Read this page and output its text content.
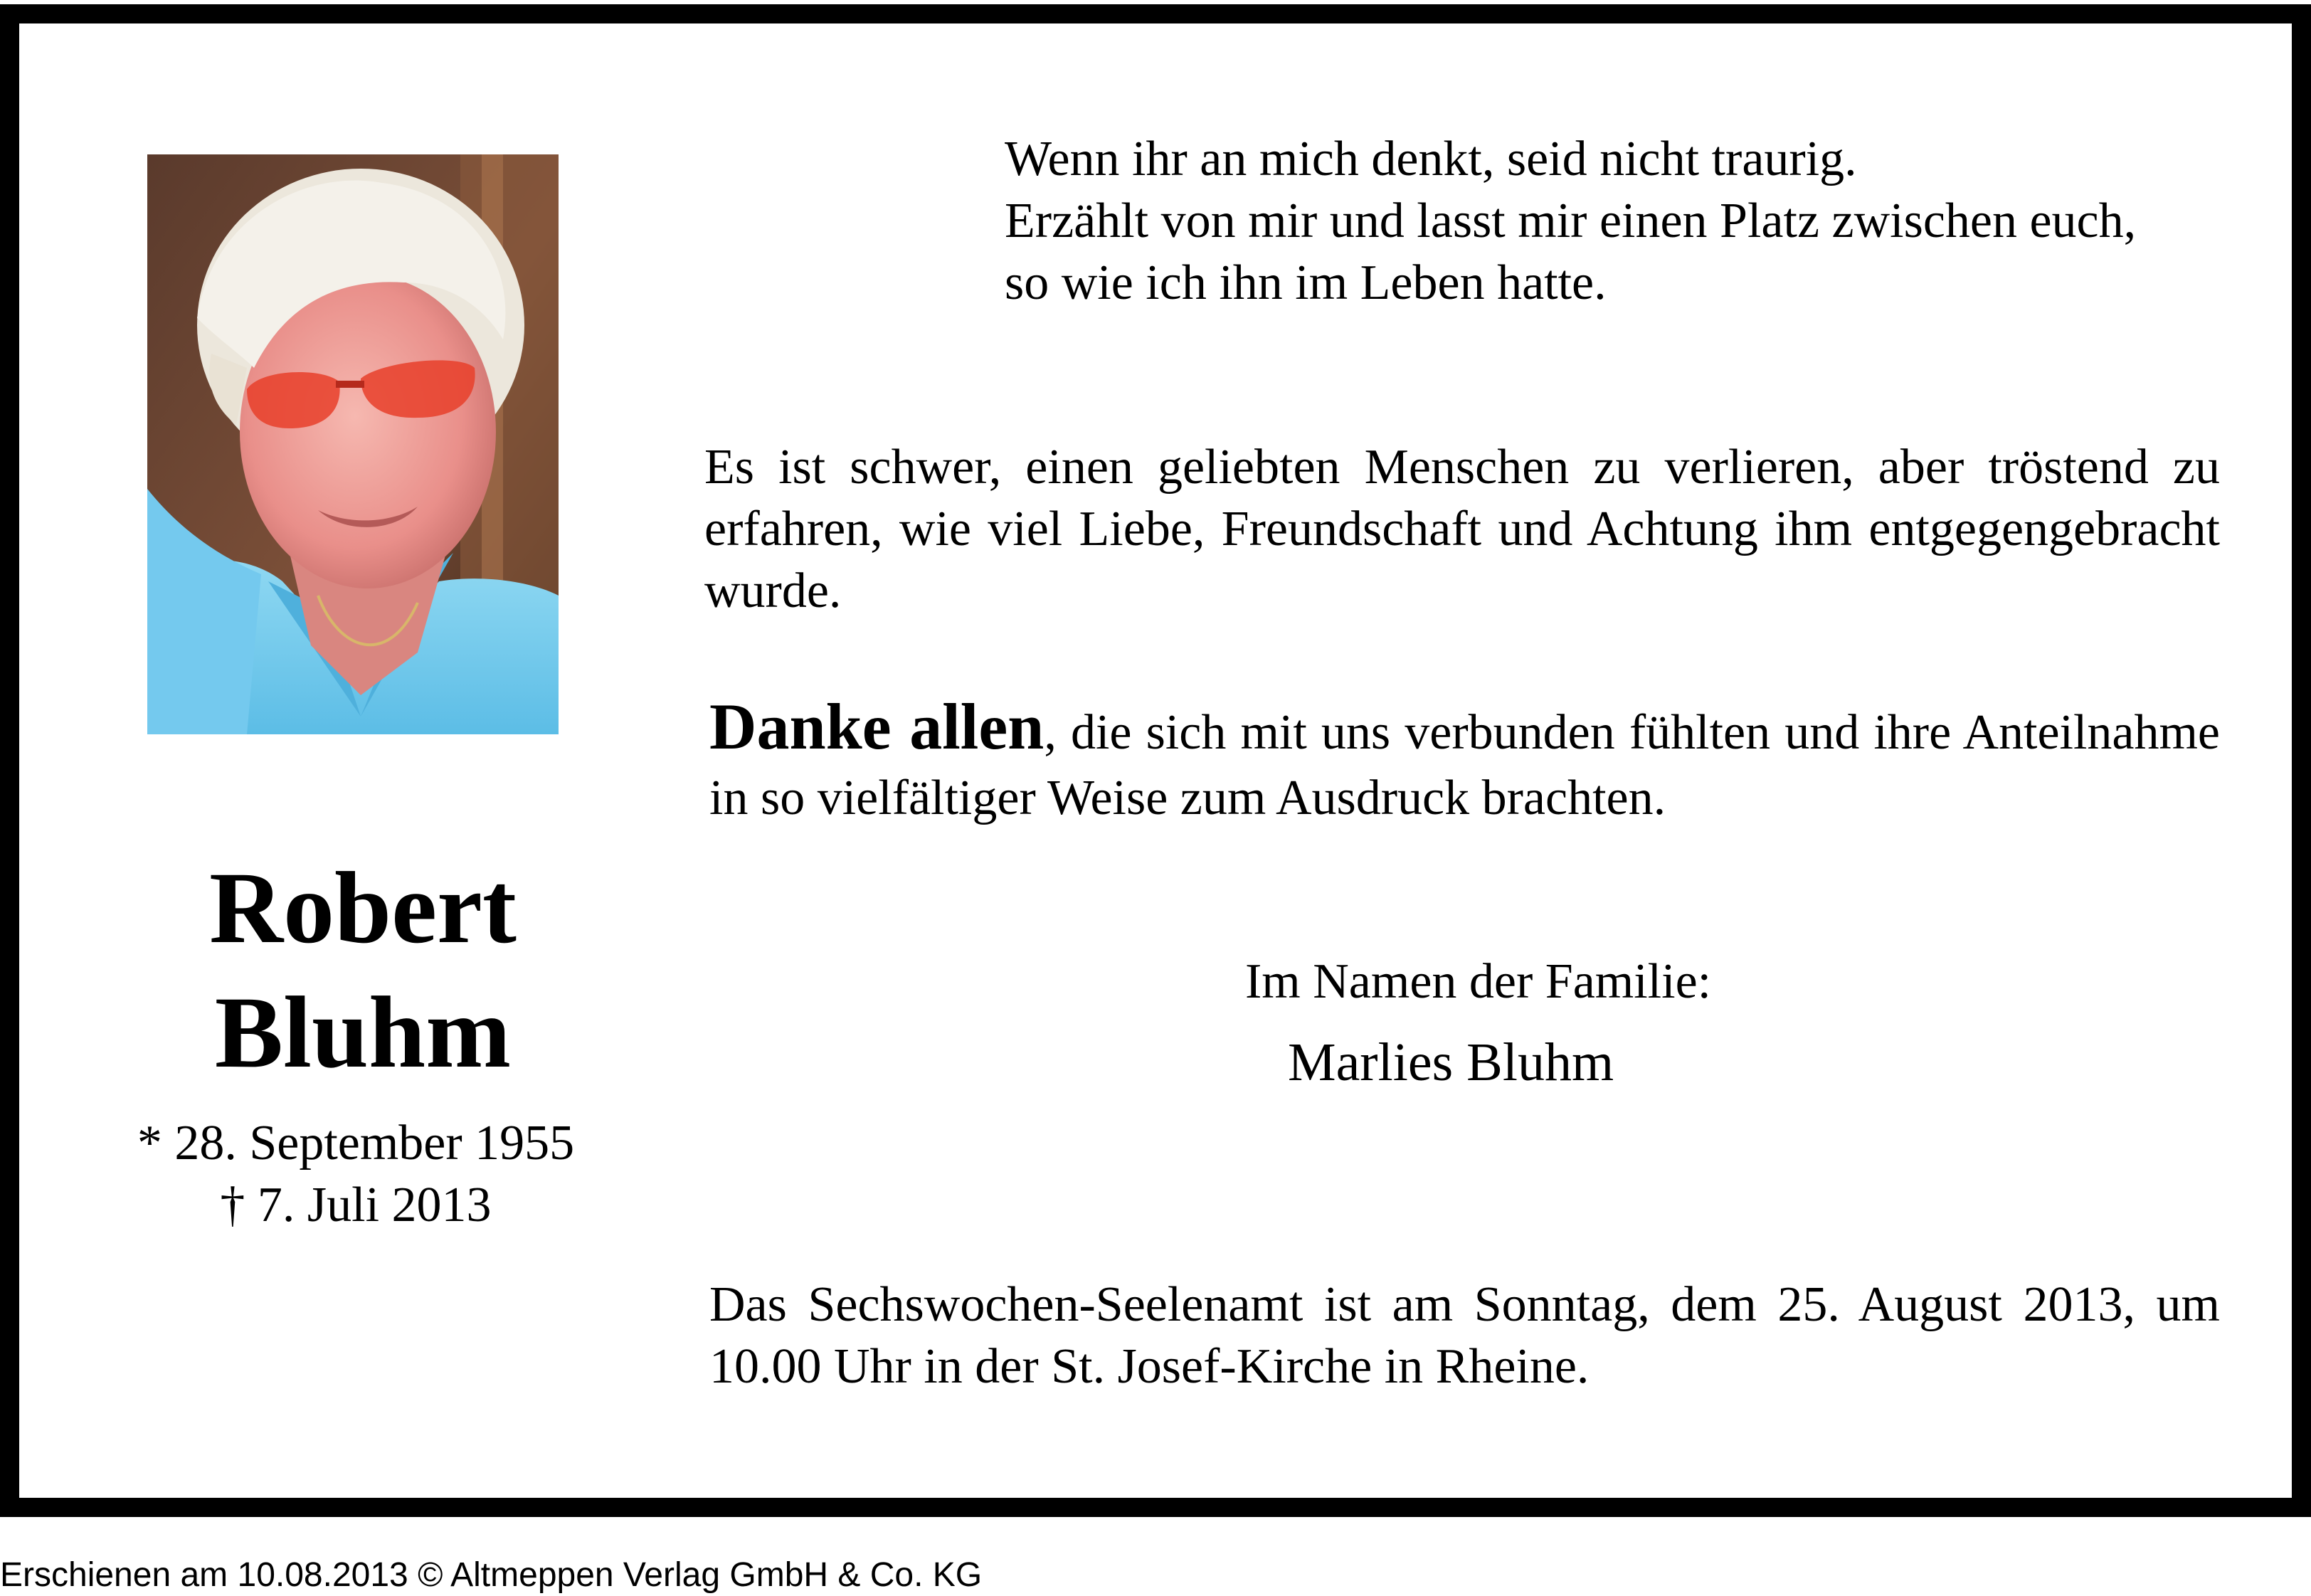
Robert
Bluhm
* 28. September 1955
† 7. Juli 2013
Wenn ihr an mich denkt, seid nicht traurig.
Erzählt von mir und lasst mir einen Platz zwischen euch,
so wie ich ihn im Leben hatte.
Es ist schwer, einen geliebten Menschen zu verlieren, aber tröstend zu erfahren, wie viel Liebe, Freundschaft und Achtung ihm entgegengebracht wurde.
Danke allen, die sich mit uns verbunden fühlten und ihre Anteilnahme in so vielfältiger Weise zum Ausdruck brachten.
Im Namen der Familie:
Marlies Bluhm
Das Sechswochen-Seelenamt ist am Sonntag, dem 25. August 2013, um 10.00 Uhr in der St. Josef-Kirche in Rheine.
Erschienen am 10.08.2013 © Altmeppen Verlag GmbH & Co. KG
